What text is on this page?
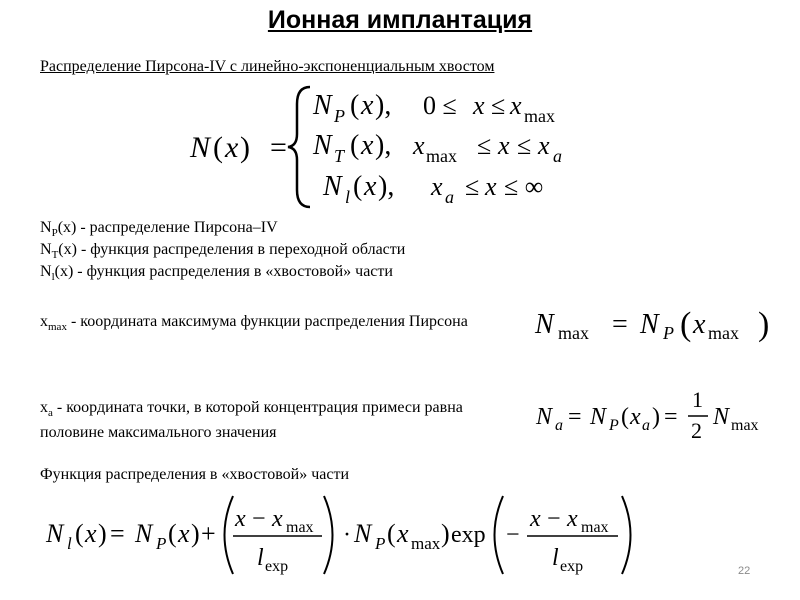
Ионная имплантация
Распределение Пирсона-IV с линейно-экспоненциальным хвостом
N ( x ) =
N P ( x ), 0 ≤ x ≤ x max
N T ( x ), x max ≤ x ≤ x a
N l ( x ), x a ≤ x ≤ ∞
$N_P(x)$ - распределение Пирсона–IV
$N_T(x)$ - функция распределения в переходной области
$N_l(x)$ - функция распределения в «хвостовой» части
$x_{max}$ - координата максимума функции распределения Пирсона	N max = N P ( x max )
$x_a$ - координата точки, в которой концентрация примеси равна половине максимального значения
N a = N P ( x a ) =
1
2
N max
Функция распределения в «хвостовой» части
N l ( x ) = N P ( x ) + x − x max
l exp
· N P ( x max ) exp −
x − x max
l exp	22
